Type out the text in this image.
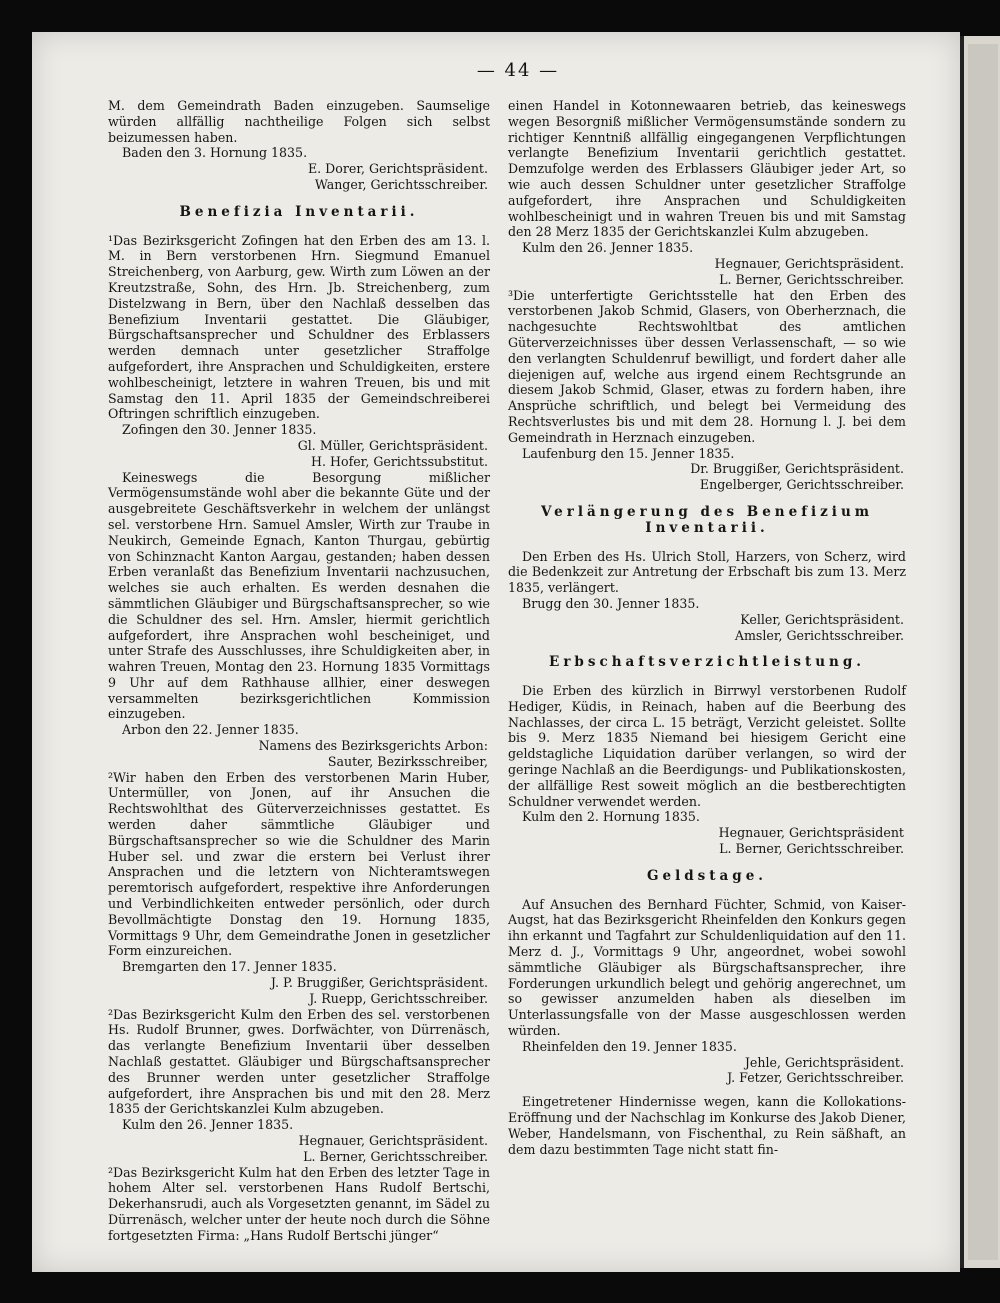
— 44 —

M. dem Gemeindrath Baden einzugeben. Saumselige würden allfällig nachtheilige Folgen sich selbst beizumessen haben.

Baden den 3. Hornung 1835.

E. Dorer, Gerichtspräsident.

Wanger, Gerichtsschreiber.

Benefizia Inventarii.

¹Das Bezirksgericht Zofingen hat den Erben des am 13. l. M. in Bern verstorbenen Hrn. Siegmund Emanuel Streichenberg, von Aarburg, gew. Wirth zum Löwen an der Kreutzstraße, Sohn, des Hrn. Jb. Streichenberg, zum Distelzwang in Bern, über den Nachlaß desselben das Benefizium Inventarii gestattet. Die Gläubiger, Bürgschaftsansprecher und Schuldner des Erblassers werden demnach unter gesetzlicher Straffolge aufgefordert, ihre Ansprachen und Schuldigkeiten, erstere wohlbescheinigt, letztere in wahren Treuen, bis und mit Samstag den 11. April 1835 der Gemeindschreiberei Oftringen schriftlich einzugeben.

Zofingen den 30. Jenner 1835.

Gl. Müller, Gerichtspräsident.

H. Hofer, Gerichtssubstitut.

Keineswegs die Besorgung mißlicher Vermögensumstände wohl aber die bekannte Güte und der ausgebreitete Geschäftsverkehr in welchem der unlängst sel. verstorbene Hrn. Samuel Amsler, Wirth zur Traube in Neukirch, Gemeinde Egnach, Kanton Thurgau, gebürtig von Schinznacht Kanton Aargau, gestanden; haben dessen Erben veranlaßt das Benefizium Inventarii nachzusuchen, welches sie auch erhalten. Es werden desnahen die sämmtlichen Gläubiger und Bürgschaftsansprecher, so wie die Schuldner des sel. Hrn. Amsler, hiermit gerichtlich aufgefordert, ihre Ansprachen wohl bescheiniget, und unter Strafe des Ausschlusses, ihre Schuldigkeiten aber, in wahren Treuen, Montag den 23. Hornung 1835 Vormittags 9 Uhr auf dem Rathhause allhier, einer deswegen versammelten bezirksgerichtlichen Kommission einzugeben.

Arbon den 22. Jenner 1835.

Namens des Bezirksgerichts Arbon:

Sauter, Bezirksschreiber,

²Wir haben den Erben des verstorbenen Marin Huber, Untermüller, von Jonen, auf ihr Ansuchen die Rechtswohlthat des Güterverzeichnisses gestattet. Es werden daher sämmtliche Gläubiger und Bürgschaftsansprecher so wie die Schuldner des Marin Huber sel. und zwar die erstern bei Verlust ihrer Ansprachen und die letztern von Nichteramtswegen peremtorisch aufgefordert, respektive ihre Anforderungen und Verbindlichkeiten entweder persönlich, oder durch Bevollmächtigte Donstag den 19. Hornung 1835, Vormittags 9 Uhr, dem Gemeindrathe Jonen in gesetzlicher Form einzureichen.

Bremgarten den 17. Jenner 1835.

J. P. Bruggißer, Gerichtspräsident.

J. Ruepp, Gerichtsschreiber.

²Das Bezirksgericht Kulm den Erben des sel. verstorbenen Hs. Rudolf Brunner, gwes. Dorfwächter, von Dürrenäsch, das verlangte Benefizium Inventarii über desselben Nachlaß gestattet. Gläubiger und Bürgschaftsansprecher des Brunner werden unter gesetzlicher Straffolge aufgefordert, ihre Ansprachen bis und mit den 28. Merz 1835 der Gerichtskanzlei Kulm abzugeben.

Kulm den 26. Jenner 1835.

Hegnauer, Gerichtspräsident.

L. Berner, Gerichtsschreiber.

²Das Bezirksgericht Kulm hat den Erben des letzter Tage in hohem Alter sel. verstorbenen Hans Rudolf Bertschi, Dekerhansrudi, auch als Vorgesetzten genannt, im Sädel zu Dürrenäsch, welcher unter der heute noch durch die Söhne fortgesetzten Firma: „Hans Rudolf Bertschi jünger“

einen Handel in Kotonnewaaren betrieb, das keineswegs wegen Besorgniß mißlicher Vermögensumstände sondern zu richtiger Kenntniß allfällig eingegangenen Verpflichtungen verlangte Benefizium Inventarii gerichtlich gestattet. Demzufolge werden des Erblassers Gläubiger jeder Art, so wie auch dessen Schuldner unter gesetzlicher Straffolge aufgefordert, ihre Ansprachen und Schuldigkeiten wohlbescheinigt und in wahren Treuen bis und mit Samstag den 28 Merz 1835 der Gerichtskanzlei Kulm abzugeben.

Kulm den 26. Jenner 1835.

Hegnauer, Gerichtspräsident.

L. Berner, Gerichtsschreiber.

³Die unterfertigte Gerichtsstelle hat den Erben des verstorbenen Jakob Schmid, Glasers, von Oberherznach, die nachgesuchte Rechtswohltbat des amtlichen Güterverzeichnisses über dessen Verlassenschaft, — so wie den verlangten Schuldenruf bewilligt, und fordert daher alle diejenigen auf, welche aus irgend einem Rechtsgrunde an diesem Jakob Schmid, Glaser, etwas zu fordern haben, ihre Ansprüche schriftlich, und belegt bei Vermeidung des Rechtsverlustes bis und mit dem 28. Hornung l. J. bei dem Gemeindrath in Herznach einzugeben.

Laufenburg den 15. Jenner 1835.

Dr. Bruggißer, Gerichtspräsident.

Engelberger, Gerichtsschreiber.

Verlängerung des Benefizium Inventarii.

Den Erben des Hs. Ulrich Stoll, Harzers, von Scherz, wird die Bedenkzeit zur Antretung der Erbschaft bis zum 13. Merz 1835, verlängert.

Brugg den 30. Jenner 1835.

Keller, Gerichtspräsident.

Amsler, Gerichtsschreiber.

Erbschaftsverzichtleistung.

Die Erben des kürzlich in Birrwyl verstorbenen Rudolf Hediger, Küdis, in Reinach, haben auf die Beerbung des Nachlasses, der circa L. 15 beträgt, Verzicht geleistet. Sollte bis 9. Merz 1835 Niemand bei hiesigem Gericht eine geldstagliche Liquidation darüber verlangen, so wird der geringe Nachlaß an die Beerdigungs- und Publikationskosten, der allfällige Rest soweit möglich an die bestberechtigten Schuldner verwendet werden.

Kulm den 2. Hornung 1835.

Hegnauer, Gerichtspräsident

L. Berner, Gerichtsschreiber.

Geldstage.

Auf Ansuchen des Bernhard Füchter, Schmid, von Kaiser-Augst, hat das Bezirksgericht Rheinfelden den Konkurs gegen ihn erkannt und Tagfahrt zur Schuldenliquidation auf den 11. Merz d. J., Vormittags 9 Uhr, angeordnet, wobei sowohl sämmtliche Gläubiger als Bürgschaftsansprecher, ihre Forderungen urkundlich belegt und gehörig angerechnet, um so gewisser anzumelden haben als dieselben im Unterlassungsfalle von der Masse ausgeschlossen werden würden.

Rheinfelden den 19. Jenner 1835.

Jehle, Gerichtspräsident.

J. Fetzer, Gerichtsschreiber.

Eingetretener Hindernisse wegen, kann die Kollokations-Eröffnung und der Nachschlag im Konkurse des Jakob Diener, Weber, Handelsmann, von Fischenthal, zu Rein säßhaft, an dem dazu bestimmten Tage nicht statt fin-
